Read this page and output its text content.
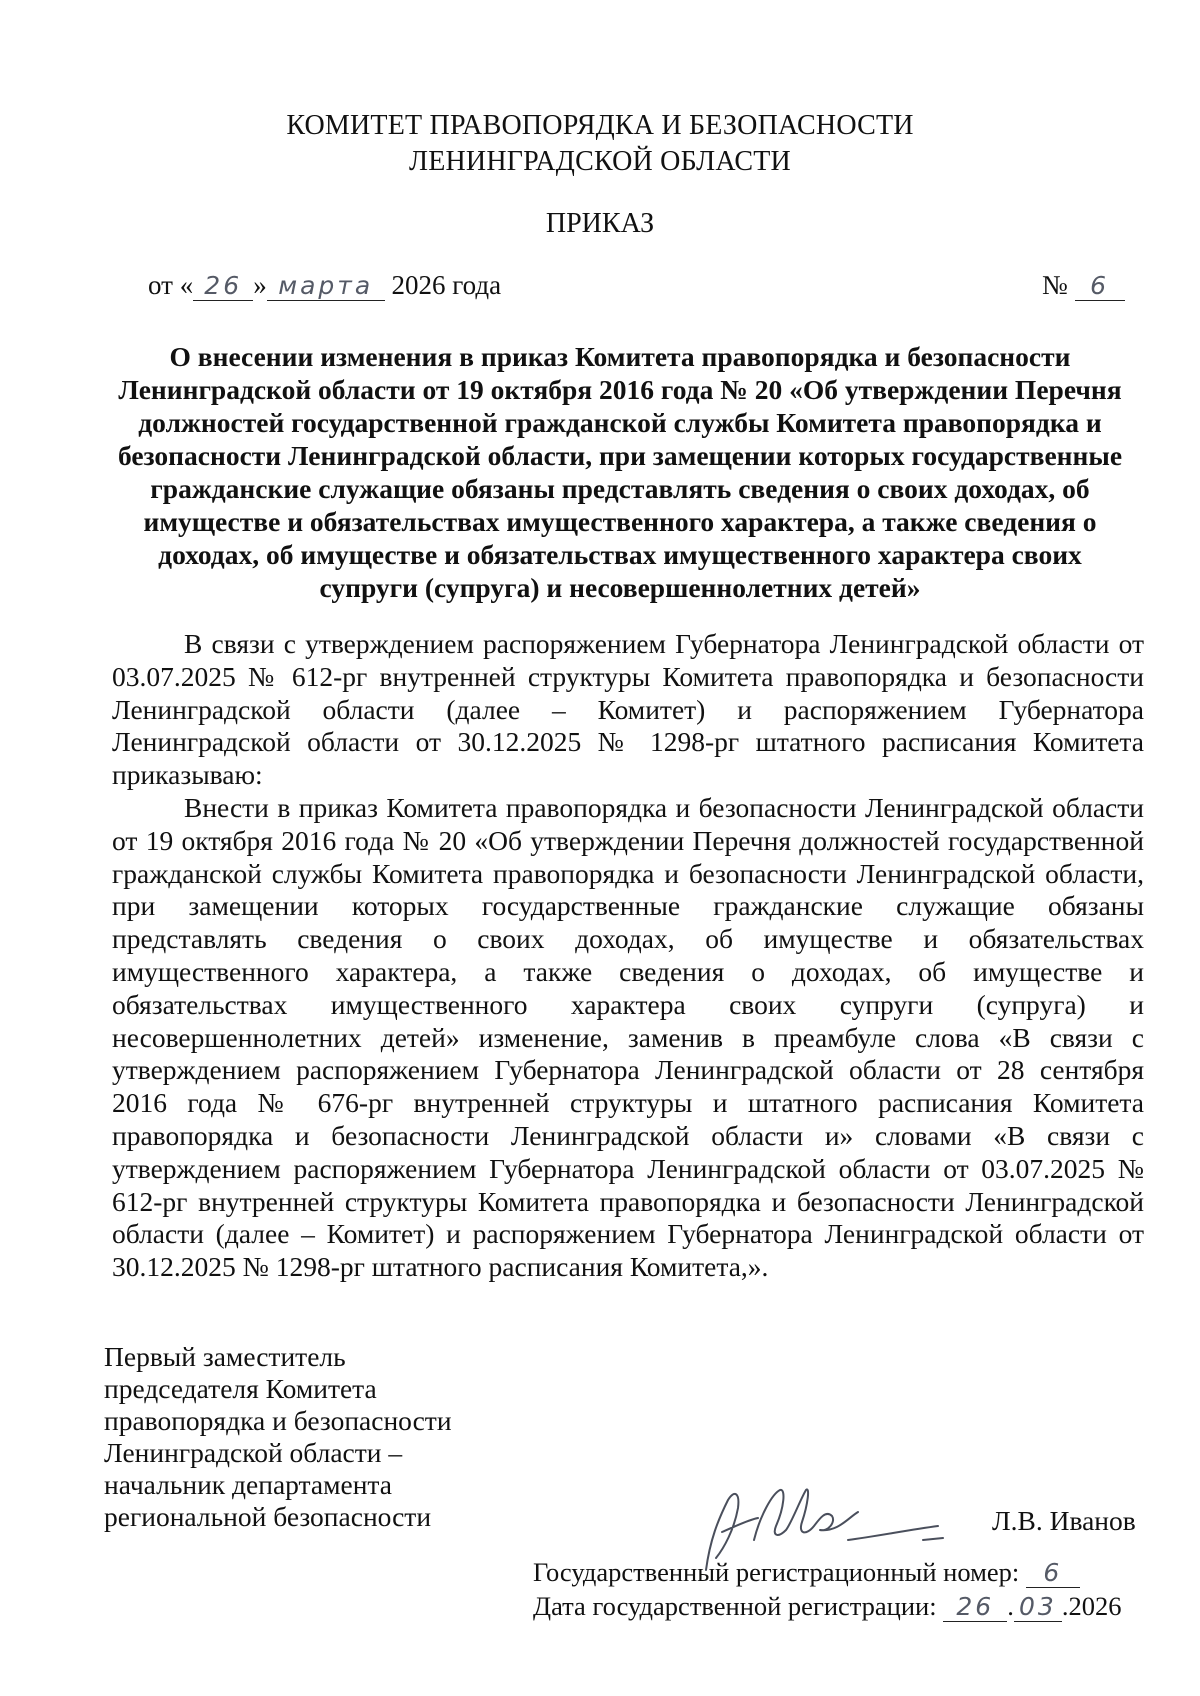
КОМИТЕТ ПРАВОПОРЯДКА И БЕЗОПАСНОСТИ
ЛЕНИНГРАДСКОЙ ОБЛАСТИ
ПРИКАЗ
от « 26 » марта 2026 года	№ 6
О внесении изменения в приказ Комитета правопорядка и безопасности Ленинградской области от 19 октября 2016 года № 20 «Об утверждении Перечня должностей государственной гражданской службы Комитета правопорядка и безопасности Ленинградской области, при замещении которых государственные гражданские служащие обязаны представлять сведения о своих доходах, об имуществе и обязательствах имущественного характера, а также сведения о доходах, об имуществе и обязательствах имущественного характера своих супруги (супруга) и несовершеннолетних детей»

В связи с утверждением распоряжением Губернатора Ленинградской области от 03.07.2025 № 612-рг внутренней структуры Комитета правопорядка и безопасности Ленинградской области (далее – Комитет) и распоряжением Губернатора Ленинградской области от 30.12.2025 № 1298-рг штатного расписания Комитета приказываю:

Внести в приказ Комитета правопорядка и безопасности Ленинградской области от 19 октября 2016 года № 20 «Об утверждении Перечня должностей государственной гражданской службы Комитета правопорядка и безопасности Ленинградской области, при замещении которых государственные гражданские служащие обязаны представлять сведения о своих доходах, об имуществе и обязательствах имущественного характера, а также сведения о доходах, об имуществе и обязательствах имущественного характера своих супруги (супруга) и несовершеннолетних детей» изменение, заменив в преамбуле слова «В связи с утверждением распоряжением Губернатора Ленинградской области от 28 сентября 2016 года № 676-рг внутренней структуры и штатного расписания Комитета правопорядка и безопасности Ленинградской области и» словами «В связи с утверждением распоряжением Губернатора Ленинградской области от 03.07.2025 № 612-рг внутренней структуры Комитета правопорядка и безопасности Ленинградской области (далее – Комитет) и распоряжением Губернатора Ленинградской области от 30.12.2025 № 1298-рг штатного расписания Комитета,».

Первый заместитель
председателя Комитета
правопорядка и безопасности
Ленинградской области –
начальник департамента
региональной безопасности	Л.В. Иванов
Государственный регистрационный номер: 6
Дата государственной регистрации: 26 . 03 .2026
